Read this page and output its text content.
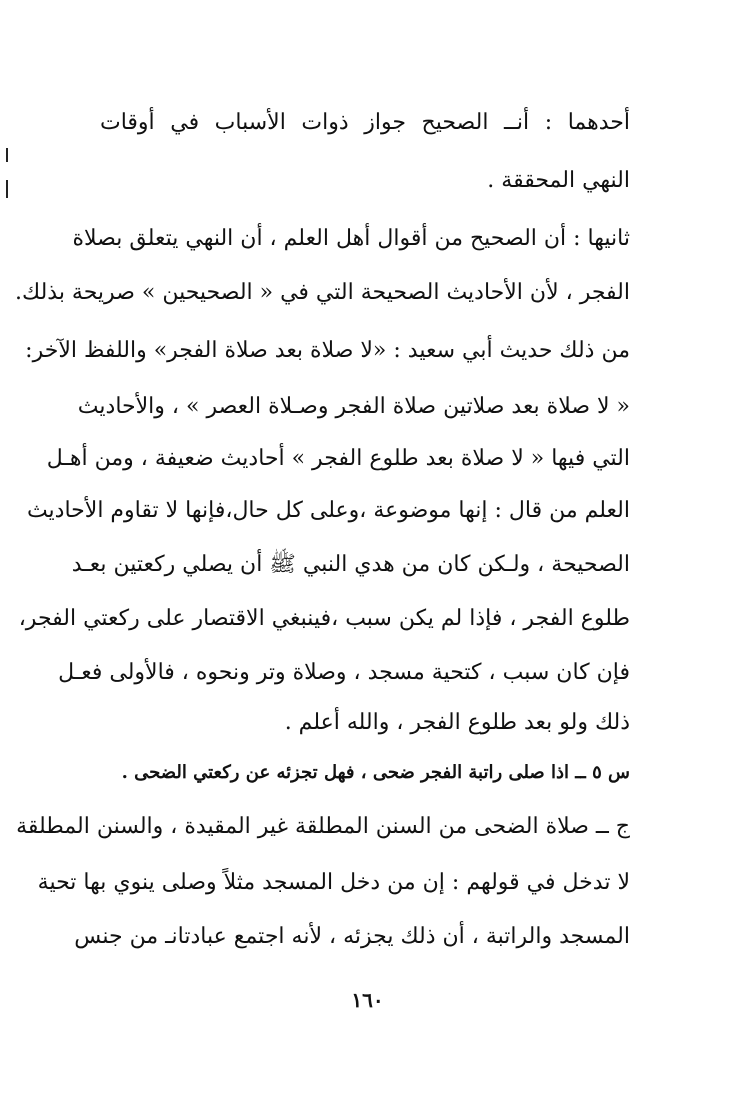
أحدهما : أنــ الصحيح جواز ذوات الأسباب في أوقات
النهي المحققة .
ثانيها : أن الصحيح من أقوال أهل العلم ، أن النهي يتعلق بصلاة
الفجر ، لأن الأحاديث الصحيحة التي في « الصحيحين » صريحة بذلك.
من ذلك حديث أبي سعيد : «لا صلاة بعد صلاة الفجر» واللفظ الآخر:
« لا صلاة بعد صلاتين صلاة الفجر وصـلاة العصر » ، والأحاديث
التي فيها « لا صلاة بعد طلوع الفجر » أحاديث ضعيفة ، ومن أهـل
العلم من قال : إنها موضوعة ،وعلى كل حال،فإنها لا تقاوم الأحاديث
الصحيحة ، ولـكن كان من هدي النبي ﷺ أن يصلي ركعتين بعـد
طلوع الفجر ، فإذا لم يكن سبب ،فينبغي الاقتصار على ركعتي الفجر،
فإن كان سبب ، كتحية مسجد ، وصلاة وتر ونحوه ، فالأولى فعـل
ذلك ولو بعد طلوع الفجر ، والله أعلم .
س ٥ ــ اذا صلى راتبة الفجر ضحى ، فهل تجزئه عن ركعتي الضحى .
ج ــ صلاة الضحى من السنن المطلقة غير المقيدة ، والسنن المطلقة
لا تدخل في قولهم : إن من دخل المسجد مثلاً وصلى ينوي بها تحية
المسجد والراتبة ، أن ذلك يجزئه ، لأنه اجتمع عبادتانـ من جنس
١٦٠
